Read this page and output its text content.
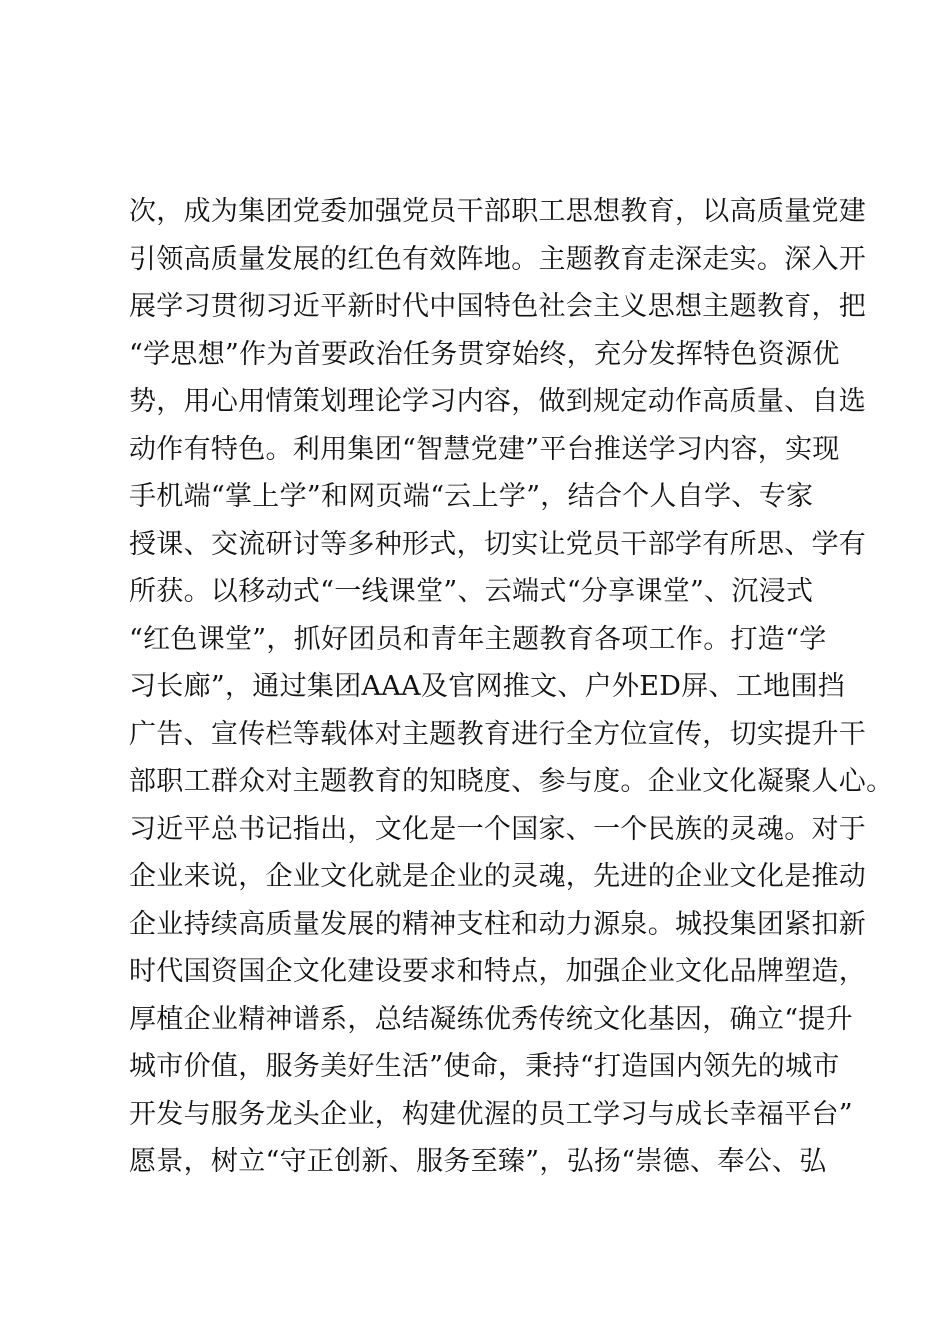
次，成为集团党委加强党员干部职工思想教育，以高质量党建
引领高质量发展的红色有效阵地。主题教育走深走实。深入开
展学习贯彻习近平新时代中国特色社会主义思想主题教育，把
“学思想”作为首要政治任务贯穿始终，充分发挥特色资源优
势，用心用情策划理论学习内容，做到规定动作高质量、自选
动作有特色。利用集团“智慧党建”平台推送学习内容，实现
手机端“掌上学”和网页端“云上学”，结合个人自学、专家
授课、交流研讨等多种形式，切实让党员干部学有所思、学有
所获。以移动式“一线课堂”、云端式“分享课堂”、沉浸式
“红色课堂”，抓好团员和青年主题教育各项工作。打造“学
习长廊”，通过集团AAA及官网推文、户外ED屏、工地围挡
广告、宣传栏等载体对主题教育进行全方位宣传，切实提升干
部职工群众对主题教育的知晓度、参与度。企业文化凝聚人心。
习近平总书记指出，文化是一个国家、一个民族的灵魂。对于
企业来说，企业文化就是企业的灵魂，先进的企业文化是推动
企业持续高质量发展的精神支柱和动力源泉。城投集团紧扣新
时代国资国企文化建设要求和特点，加强企业文化品牌塑造，
厚植企业精神谱系，总结凝练优秀传统文化基因，确立“提升
城市价值，服务美好生活”使命，秉持“打造国内领先的城市
开发与服务龙头企业，构建优渥的员工学习与成长幸福平台”
愿景，树立“守正创新、服务至臻”，弘扬“崇德、奉公、弘
